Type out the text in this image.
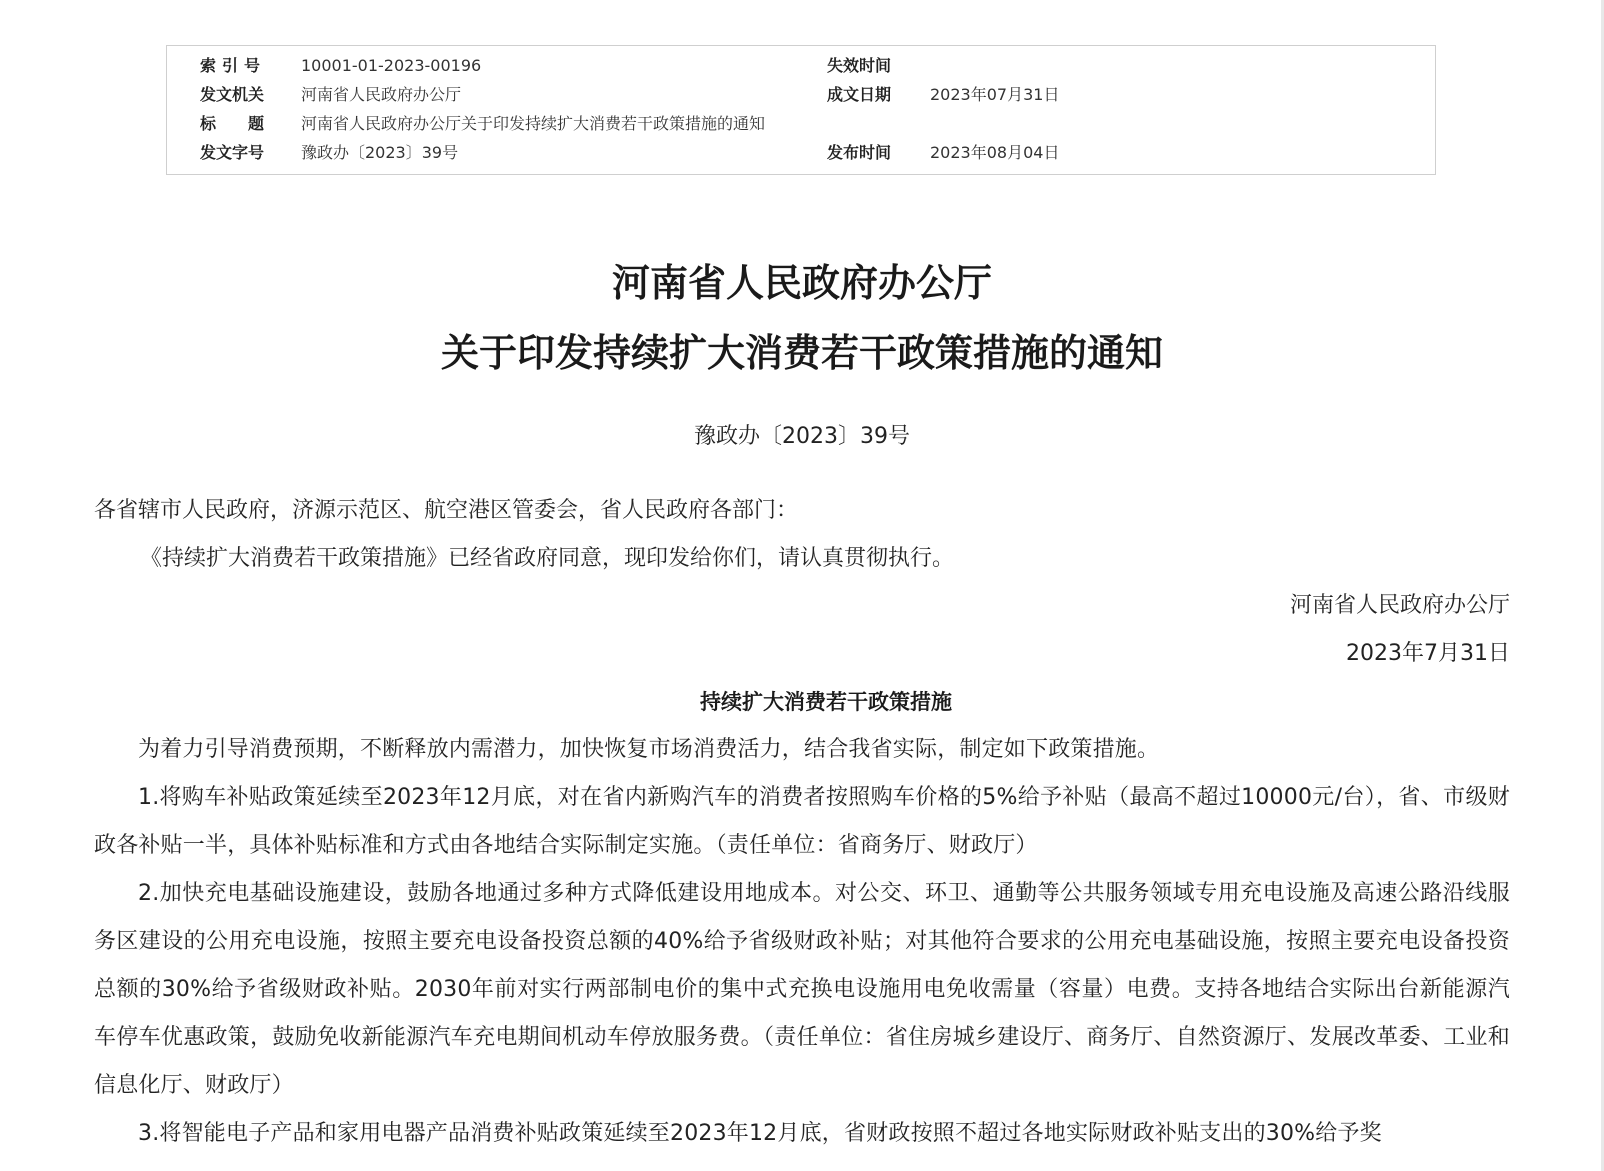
索引号 10001-01-2023-00196	失效时间
发文机关	河南省人民政府办公厅	成文日期 2023年07月31日
标　　题	河南省人民政府办公厅关于印发持续扩大消费若干政策措施的通知
发文字号	豫政办〔2023〕39号	发布时间 2023年08月04日
河南省人民政府办公厅
关于印发持续扩大消费若干政策措施的通知
豫政办〔2023〕39号
各省辖市人民政府，济源示范区、航空港区管委会，省人民政府各部门：
《持续扩大消费若干政策措施》已经省政府同意，现印发给你们，请认真贯彻执行。
河南省人民政府办公厅
2023年7月31日
持续扩大消费若干政策措施
为着力引导消费预期，不断释放内需潜力，加快恢复市场消费活力，结合我省实际，制定如下政策措施。
1.将购车补贴政策延续至2023年12月底，对在省内新购汽车的消费者按照购车价格的5%给予补贴（最高不超过10000元/台），省、市级财政各补贴一半，具体补贴标准和方式由各地结合实际制定实施。（责任单位：省商务厅、财政厅）
2.加快充电基础设施建设，鼓励各地通过多种方式降低建设用地成本。对公交、环卫、通勤等公共服务领域专用充电设施及高速公路沿线服务区建设的公用充电设施，按照主要充电设备投资总额的40%给予省级财政补贴；对其他符合要求的公用充电基础设施，按照主要充电设备投资总额的30%给予省级财政补贴。2030年前对实行两部制电价的集中式充换电设施用电免收需量（容量）电费。支持各地结合实际出台新能源汽车停车优惠政策，鼓励免收新能源汽车充电期间机动车停放服务费。（责任单位：省住房城乡建设厅、商务厅、自然资源厅、发展改革委、工业和信息化厅、财政厅）
3.将智能电子产品和家用电器产品消费补贴政策延续至2023年12月底，省财政按照不超过各地实际财政补贴支出的30%给予奖
